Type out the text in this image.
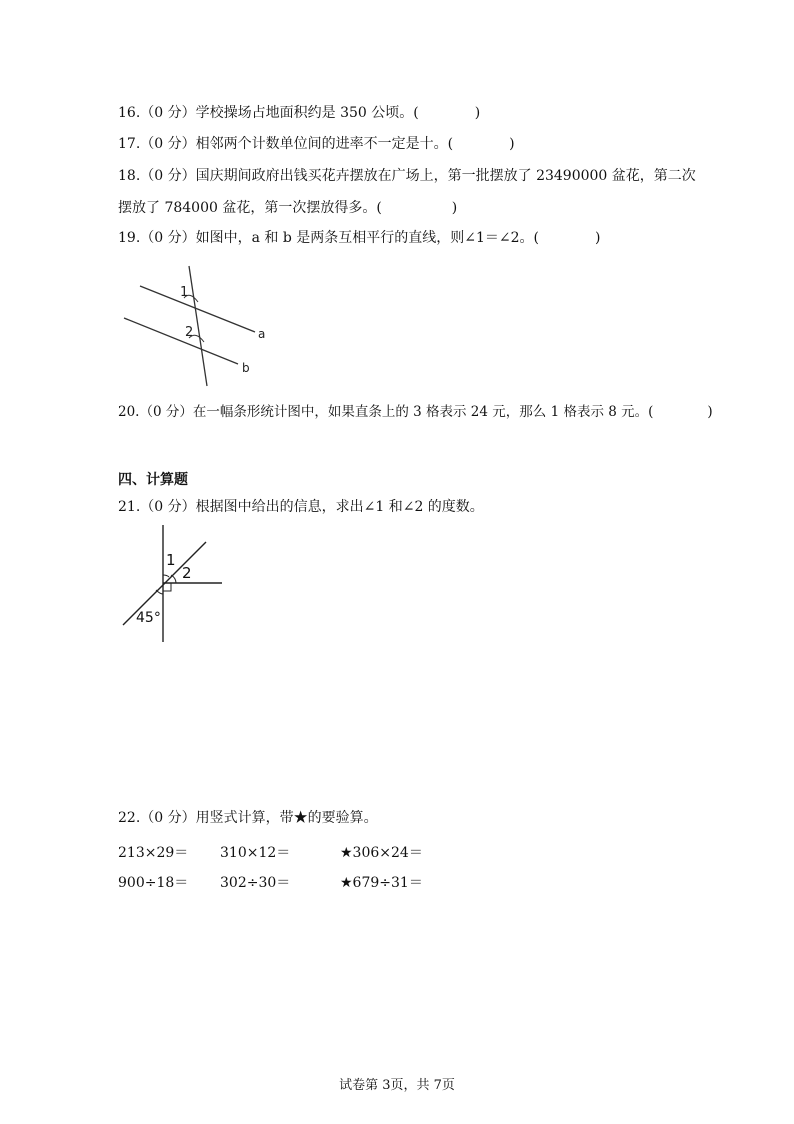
16.（0 分）学校操场占地面积约是 350 公顷。(　　　　)
17.（0 分）相邻两个计数单位间的进率不一定是十。(　　　　)
18.（0 分）国庆期间政府出钱买花卉摆放在广场上，第一批摆放了 23490000 盆花，第二次
摆放了 784000 盆花，第一次摆放得多。(　　　　　)
19.（0 分）如图中，a 和 b 是两条互相平行的直线，则∠1＝∠2。(　　　　)
1
2	a
b
20.（0 分）在一幅条形统计图中，如果直条上的 3 格表示 24 元，那么 1 格表示 8 元。(　　　　)
四、计算题
21.（0 分）根据图中给出的信息，求出∠1 和∠2 的度数。
1
2
45°
22.（0 分）用竖式计算，带★的要验算。
213×29＝ 310×12＝	★306×24＝
900÷18＝ 302÷30＝	★679÷31＝
试卷第 3页，共 7页
